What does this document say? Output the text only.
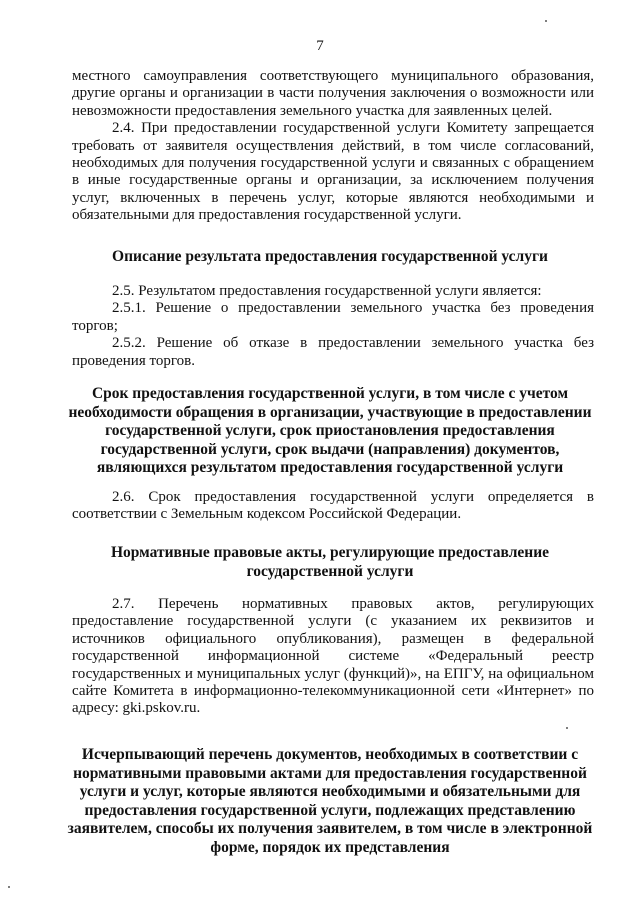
7

местного самоуправления соответствующего муниципального образования, другие органы и организации в части получения заключения о возможности или невозможности предоставления земельного участка для заявленных целей.

2.4. При предоставлении государственной услуги Комитету запрещается требовать от заявителя осуществления действий, в том числе согласований, необходимых для получения государственной услуги и связанных с обращением в иные государственные органы и организации, за исключением получения услуг, включенных в перечень услуг, которые являются необходимыми и обязательными для предоставления государственной услуги.

Описание результата предоставления государственной услуги

2.5. Результатом предоставления государственной услуги является:

2.5.1. Решение о предоставлении земельного участка без проведения торгов;

2.5.2. Решение об отказе в предоставлении земельного участка без проведения торгов.

Срок предоставления государственной услуги, в том числе с учетом необходимости обращения в организации, участвующие в предоставлении государственной услуги, срок приостановления предоставления государственной услуги, срок выдачи (направления) документов, являющихся результатом предоставления государственной услуги

2.6. Срок предоставления государственной услуги определяется в соответствии с Земельным кодексом Российской Федерации.

Нормативные правовые акты, регулирующие предоставление государственной услуги

2.7. Перечень нормативных правовых актов, регулирующих предоставление государственной услуги (с указанием их реквизитов и источников официального опубликования), размещен в федеральной государственной информационной системе «Федеральный реестр государственных и муниципальных услуг (функций)», на ЕПГУ, на официальном сайте Комитета в информационно-телекоммуникационной сети «Интернет» по адресу: gki.pskov.ru.

Исчерпывающий перечень документов, необходимых в соответствии с нормативными правовыми актами для предоставления государственной услуги и услуг, которые являются необходимыми и обязательными для предоставления государственной услуги, подлежащих представлению заявителем, способы их получения заявителем, в том числе в электронной форме, порядок их представления
